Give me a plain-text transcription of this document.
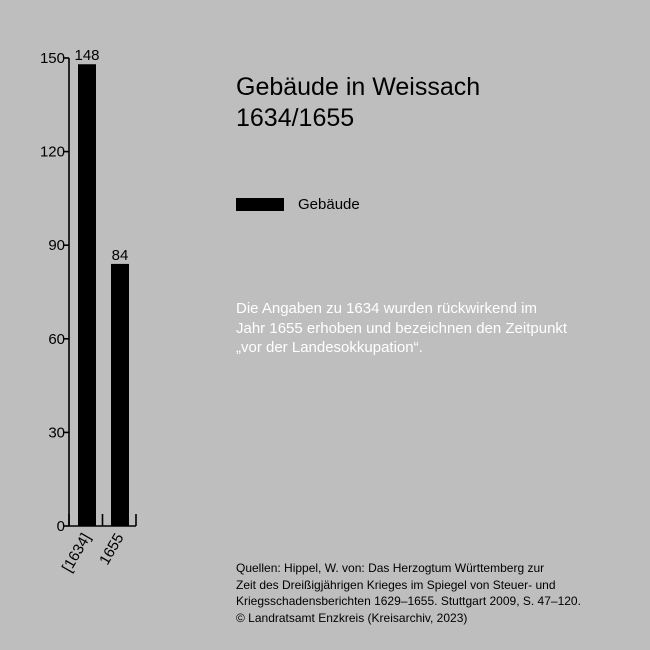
0
30
60
90
120
150 148
84
[1634] 1655
Gebäude in Weissach
1634/1655
Gebäude
Die Angaben zu 1634 wurden rückwirkend im
Jahr 1655 erhoben und bezeichnen den Zeitpunkt
„vor der Landesokkupation“.
Quellen: Hippel, W. von: Das Herzogtum Württemberg zur
Zeit des Dreißigjährigen Krieges im Spiegel von Steuer- und
Kriegsschadensberichten 1629–1655. Stuttgart 2009, S. 47–120.
© Landratsamt Enzkreis (Kreisarchiv, 2023)
